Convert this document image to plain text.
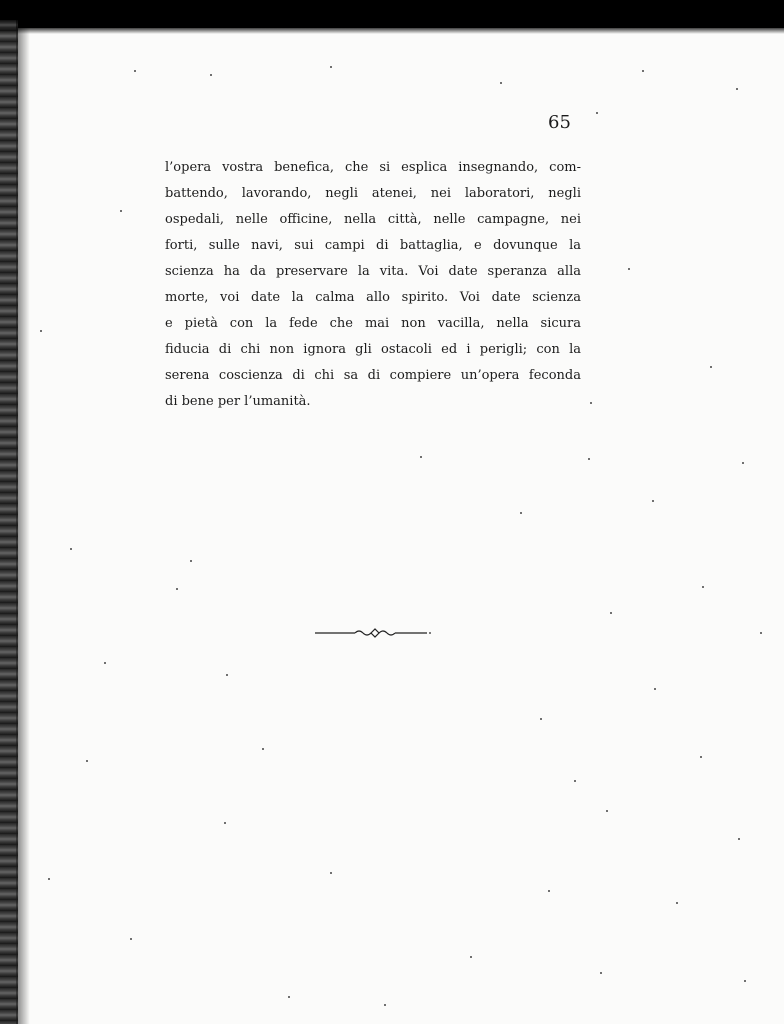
65
l’opera vostra benefica, che si esplica insegnando, com-
battendo, lavorando, negli atenei, nei laboratori, negli
ospedali, nelle officine, nella città, nelle campagne, nei
forti, sulle navi, sui campi di battaglia, e dovunque la
scienza ha da preservare la vita. Voi date speranza alla
morte, voi date la calma allo spirito. Voi date scienza
e pietà con la fede che mai non vacilla, nella sicura
fiducia di chi non ignora gli ostacoli ed i perigli; con la
serena coscienza di chi sa di compiere un’opera feconda
di bene per l’umanità.
